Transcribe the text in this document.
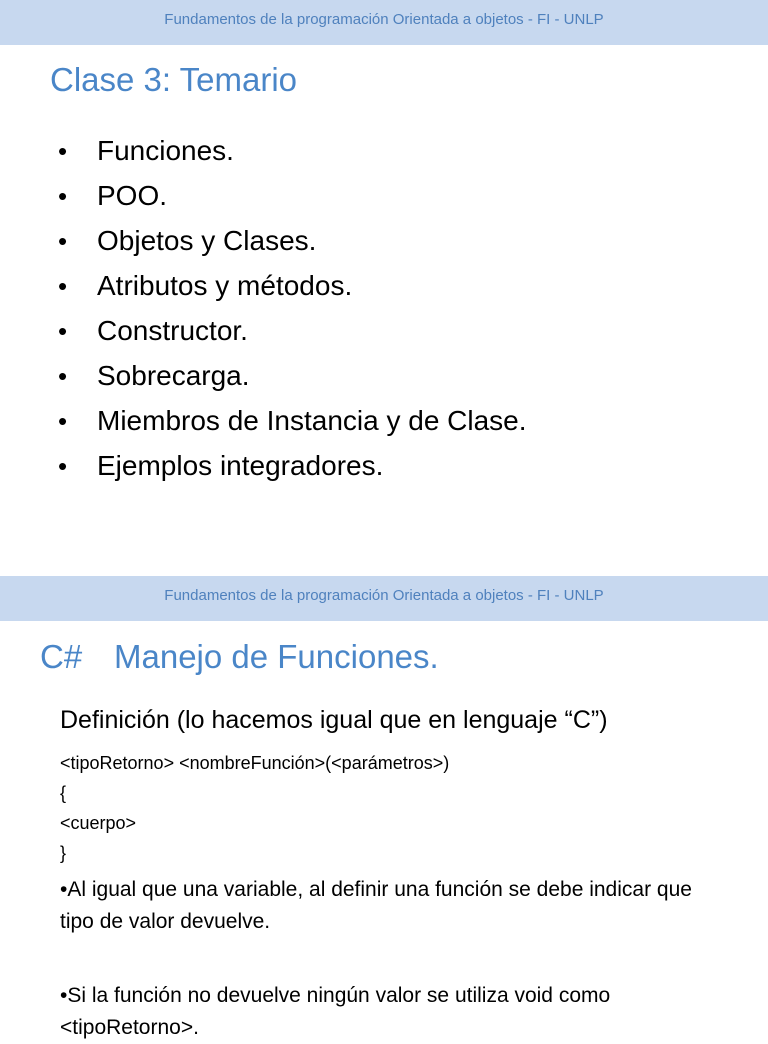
Fundamentos de la programación Orientada a objetos - FI - UNLP
Clase 3: Temario
•	Funciones.
•	POO.
•	Objetos y Clases.
•	Atributos y métodos.
•	Constructor.
•	Sobrecarga.
•	Miembros de Instancia y de Clase.
•	Ejemplos integradores.
Fundamentos de la programación Orientada a objetos - FI - UNLP
C# Manejo de Funciones.
Definición (lo hacemos igual que en lenguaje “C”)
<tipoRetorno> <nombreFunción>(<parámetros>)
{
<cuerpo>
}
•Al igual que una variable, al definir una función se debe indicar que tipo de valor devuelve.
•Si la función no devuelve ningún valor se utiliza void como <tipoRetorno>.
